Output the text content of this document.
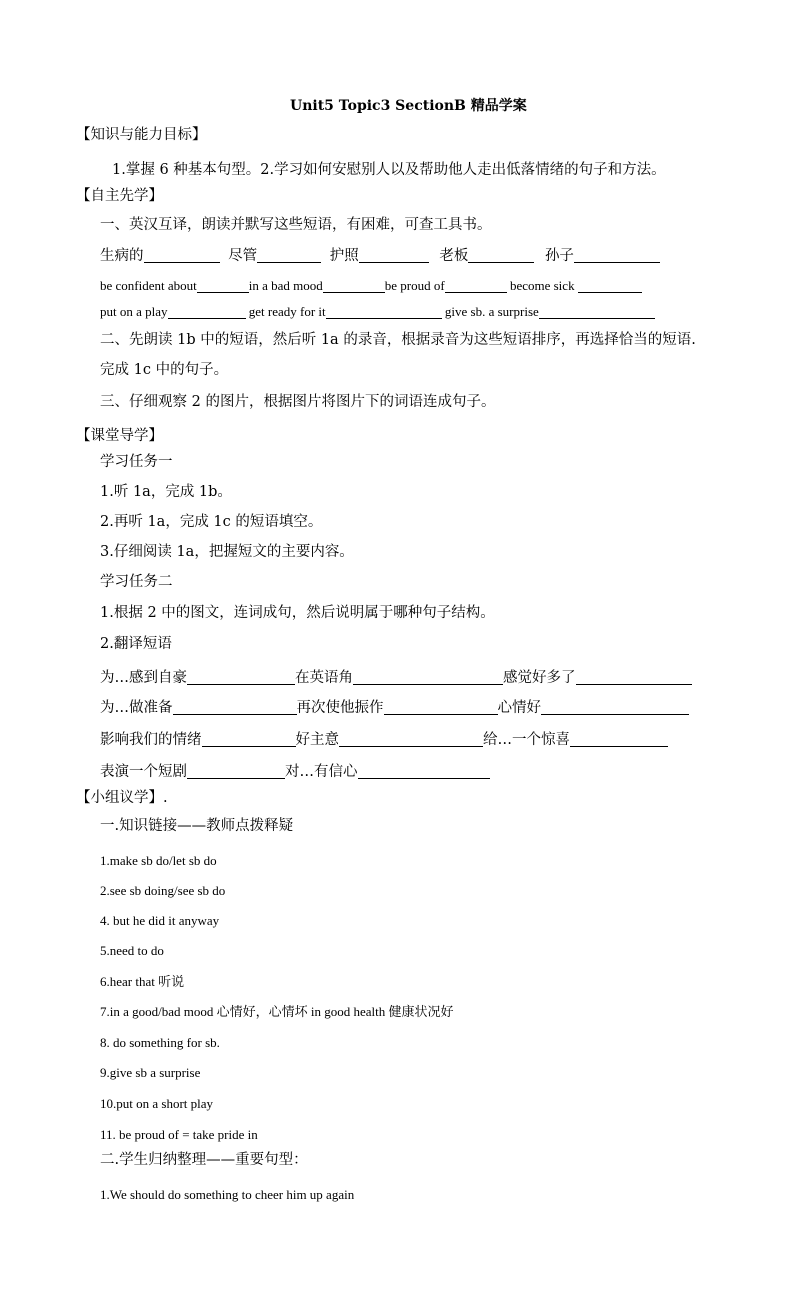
Unit5 Topic3 SectionB 精品学案
【知识与能力目标】
1.掌握 6 种基本句型。2.学习如何安慰别人以及帮助他人走出低落情绪的句子和方法。
【自主先学】
一、英汉互译，朗读并默写这些短语，有困难，可查工具书。
生病的	尽管	护照	老板	孙子
be confident about	in a bad mood	be proud of	become sick
put on a play	get ready for it	give sb. a surprise
二、先朗读 1b 中的短语，然后听 1a 的录音，根据录音为这些短语排序，再选择恰当的短语.
完成 1c 中的句子。
三、仔细观察 2 的图片，根据图片将图片下的词语连成句子。
【课堂导学】
学习任务一
1.听 1a，完成 1b。
2.再听 1a，完成 1c 的短语填空。
3.仔细阅读 1a，把握短文的主要内容。
学习任务二
1.根据 2 中的图文，连词成句，然后说明属于哪种句子结构。
2.翻译短语
为…感到自豪	在英语角	感觉好多了
为…做准备	再次使他振作	心情好
影响我们的情绪	好主意	给…一个惊喜
表演一个短剧	对…有信心
【小组议学】.
一.知识链接——教师点拨释疑
1.make sb do/let sb do
2.see sb doing/see sb do
4. but he did it anyway
5.need to do
6.hear that 听说
7.in a good/bad mood 心情好，心情坏 in good health 健康状况好
8. do something for sb.
9.give sb a surprise
10.put on a short play
11. be proud of = take pride in
二.学生归纳整理——重要句型：
1.We should do something to cheer him up again
